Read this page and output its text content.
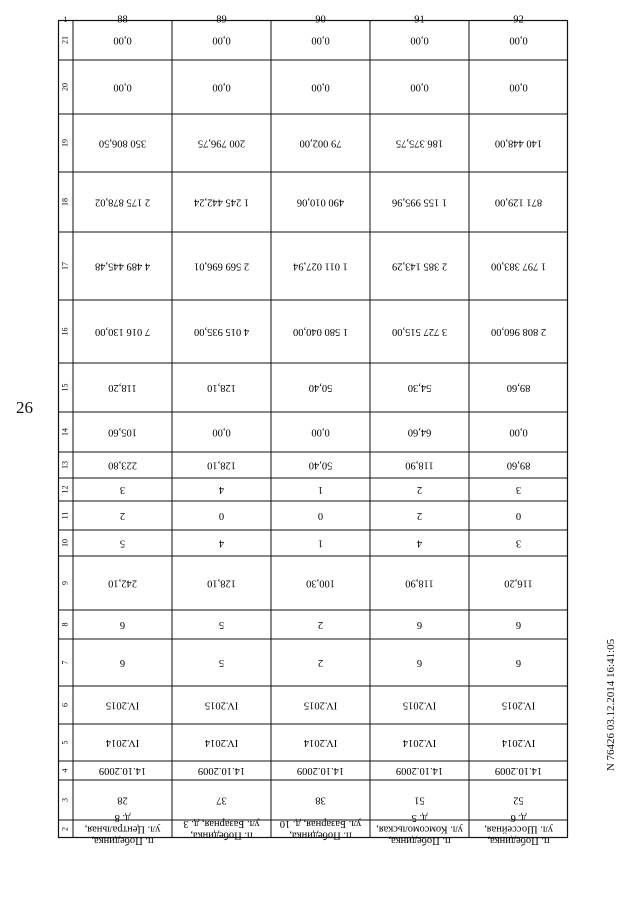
26
N 76426 03.12.2014 16:41:05
1
2
3
4
5
6
7
8
9
10
11
12
13
14
15
16
17
18
19
20
21
88
п. Побединка,
ул. Центральная,
д. 8
28
14.10.2009
IV.2014
IV.2015
6
6
242,10
5
2
3
223,80
105,60
118,20
7 016 130,00
4 489 445,48
2 175 878,02
350 806,50
0,00
0,00
89
п. Побединка,
ул. Базарная, д. 3
37
14.10.2009
IV.2014
IV.2015
5
5
128,10
4
0
4
128,10
0,00
128,10
4 015 935,00
2 569 696,01
1 245 442,24
200 796,75
0,00
0,00
90
п. Побединка,
ул. Базарная, д. 10
38
14.10.2009
IV.2014
IV.2015
2
2
100,30
1
0
1
50,40
0,00
50,40
1 580 040,00
1 011 027,94
490 010,06
79 002,00
0,00
0,00
91
п. Побединка,
ул. Комсомольская,
д. 5
51
14.10.2009
IV.2014
IV.2015
6
6
118,90
4
2
2
118,90
64,60
54,30
3 727 515,00
2 385 143,29
1 155 995,96
186 375,75
0,00
0,00
92
п. Побединка,
ул. Шоссейная,
д. 6
52
14.10.2009
IV.2014
IV.2015
6
6
116,20
3
0
3
89,60
0,00
89,60
2 808 960,00
1 797 383,00
871 129,00
140 448,00
0,00
0,00
